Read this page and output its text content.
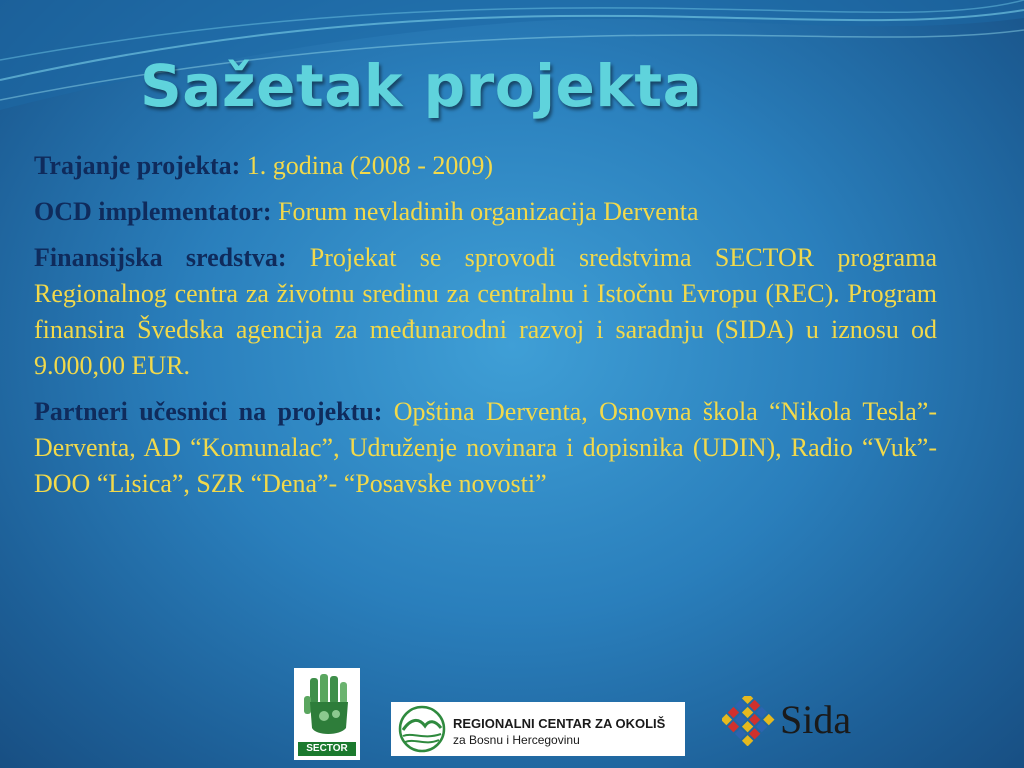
Sažetak projekta

Trajanje projekta: 1. godina (2008 - 2009)

OCD implementator: Forum nevladinih organizacija Derventa

Finansijska sredstva: Projekat se sprovodi sredstvima SECTOR programa Regionalnog centra za životnu sredinu za centralnu i Istočnu Evropu (REC). Program finansira Švedska agencija za međunarodni razvoj i saradnju (SIDA) u iznosu od 9.000,00 EUR.

Partneri učesnici na projektu: Opština Derventa, Osnovna škola “Nikola Tesla”- Derventa, AD “Komunalac”, Udruženje novinara i dopisnika (UDIN), Radio “Vuk”-DOO “Lisica”, SZR “Dena”- “Posavske novosti”

SECTOR
REGIONALNI CENTAR ZA OKOLIŠ
za Bosnu i Hercegovinu	Sida
